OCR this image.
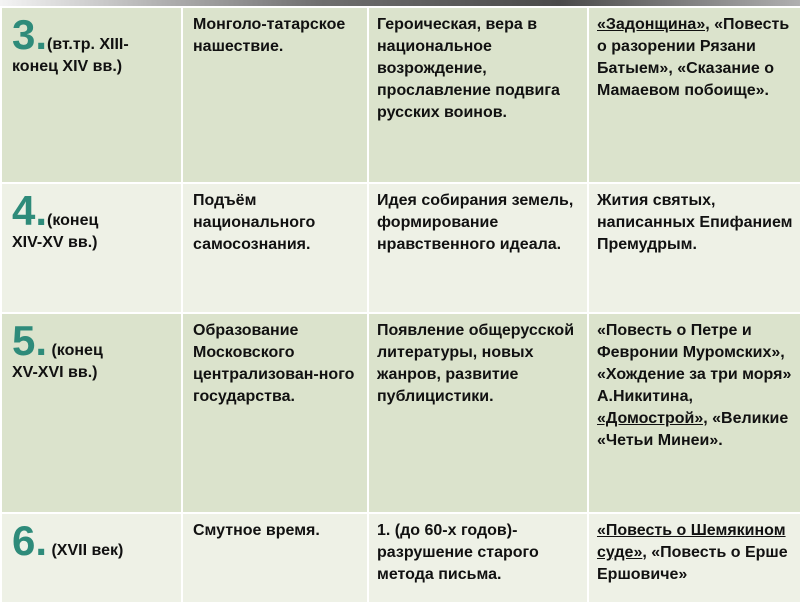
3.(вт.тр. XIII-
конец XIV вв.)	Монголо-татарское нашествие.	Героическая, вера в национальное возрождение, прославление подвига русских воинов.	«Задонщина», «Повесть о разорении Рязани Батыем», «Сказание о Мамаевом побоище».
4.(конец
XIV-XV вв.)	Подъём национального самосознания.	Идея собирания земель, формирование нравственного идеала.	Жития святых, написанных Епифанием Премудрым.
5. (конец
XV-XVI вв.)	Образование Московского централизован-ного государства.	Появление общерусской литературы, новых жанров, развитие публицистики.	«Повесть о Петре и Февронии Муромских», «Хождение за три моря» А.Никитина, «Домострой», «Великие «Четьи Минеи».
6. (XVII век)	Смутное время.	1. (до 60-х годов)-разрушение старого метода письма.	«Повесть о Шемякином суде», «Повесть о Ерше Ершовиче»
